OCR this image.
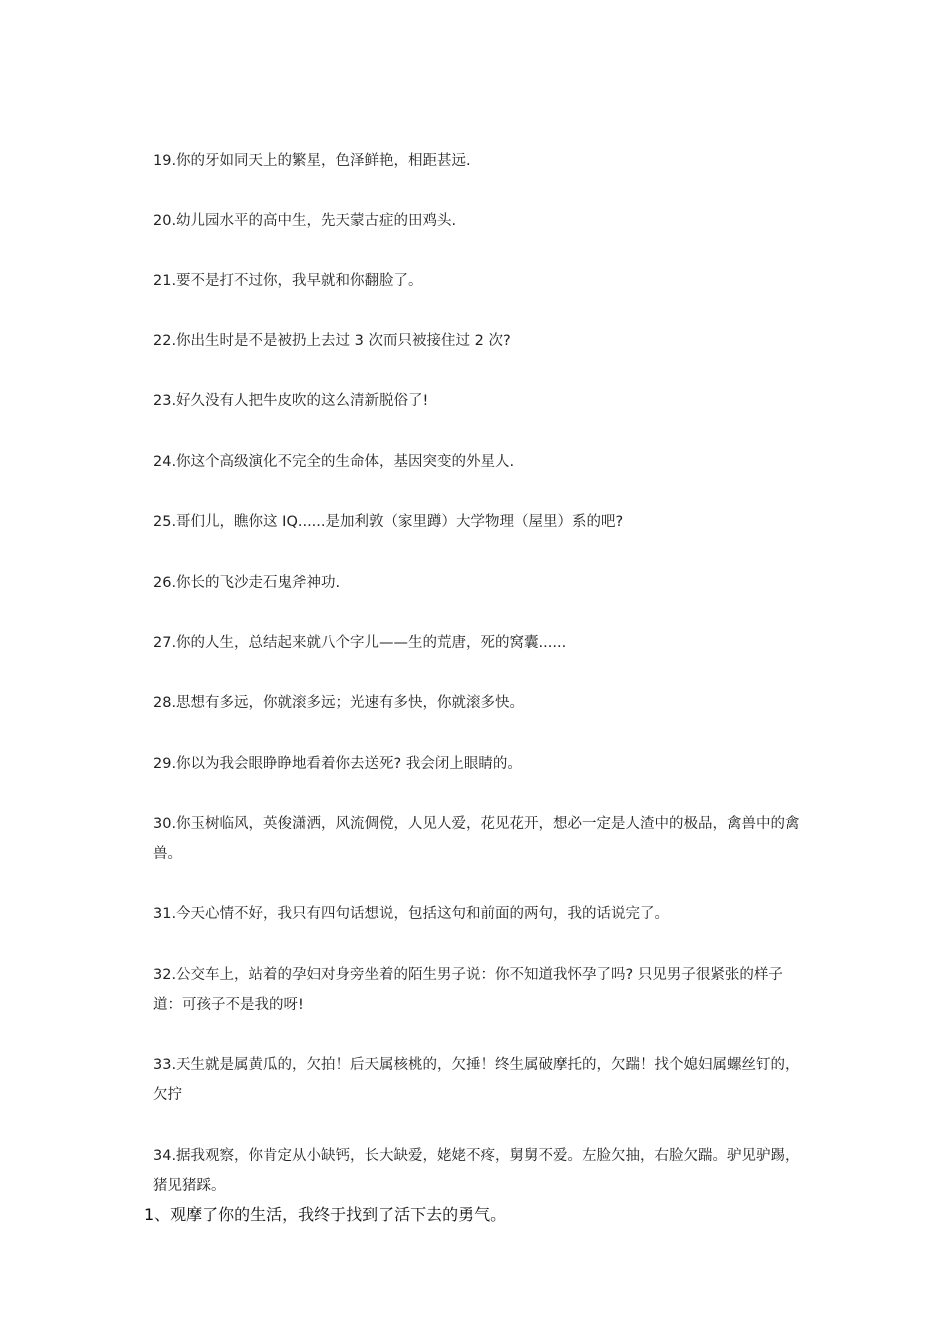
19.你的牙如同天上的繁星，色泽鲜艳，相距甚远.

20.幼儿园水平的高中生，先天蒙古症的田鸡头.

21.要不是打不过你，我早就和你翻脸了。

22.你出生时是不是被扔上去过 3 次而只被接住过 2 次?

23.好久没有人把牛皮吹的这么清新脱俗了!

24.你这个高级演化不完全的生命体，基因突变的外星人.

25.哥们儿，瞧你这 IQ......是加利敦（家里蹲）大学物理（屋里）系的吧?

26.你长的飞沙走石鬼斧神功.

27.你的人生，总结起来就八个字儿——生的荒唐，死的窝囊......

28.思想有多远，你就滚多远；光速有多快，你就滚多快。

29.你以为我会眼睁睁地看着你去送死? 我会闭上眼睛的。

30.你玉树临风，英俊潇洒，风流倜傥，人见人爱，花见花开，想必一定是人渣中的极品，禽兽中的禽兽。

31.今天心情不好，我只有四句话想说，包括这句和前面的两句，我的话说完了。

32.公交车上，站着的孕妇对身旁坐着的陌生男子说：你不知道我怀孕了吗? 只见男子很紧张的样子道：可孩子不是我的呀!

33.天生就是属黄瓜的，欠拍！后天属核桃的，欠捶！终生属破摩托的，欠踹！找个媳妇属螺丝钉的，欠拧

34.据我观察，你肯定从小缺钙，长大缺爱，姥姥不疼，舅舅不爱。左脸欠抽，右脸欠踹。驴见驴踢，猪见猪踩。

1、观摩了你的生活，我终于找到了活下去的勇气。
